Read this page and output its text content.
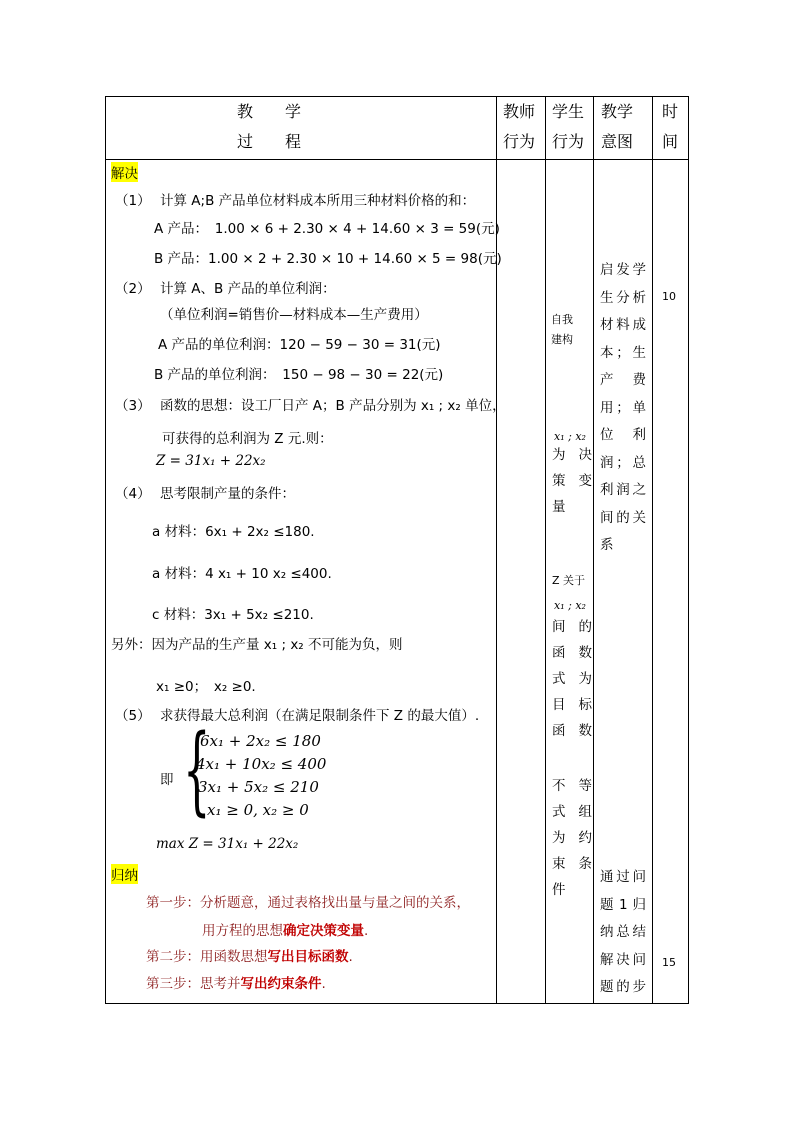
教　　学
过　　程
教师
行为
学生
行为
教学
意图
时
间
解决
（1） 计算 A;B 产品单位材料成本所用三种材料价格的和：
A 产品：　1.00 × 6 + 2.30 × 4 + 14.60 × 3 = 59(元)
B 产品：1.00 × 2 + 2.30 × 10 + 14.60 × 5 = 98(元)
（2） 计算 A、B 产品的单位利润：
（单位利润=销售价—材料成本—生产费用）
A 产品的单位利润：120 − 59 − 30 = 31(元)
B 产品的单位利润：　150 − 98 − 30 = 22(元)
（3） 函数的思想：设工厂日产 A；B 产品分别为 x₁ ; x₂ 单位，
可获得的总利润为 Z 元.则：
Z = 31x₁ + 22x₂
（4） 思考限制产量的条件：
a 材料：6x₁ + 2x₂ ≤180.
a 材料：4 x₁ + 10 x₂ ≤400.
c 材料：3x₁ + 5x₂ ≤210.
另外：因为产品的生产量 x₁ ; x₂ 不可能为负，则
x₁ ≥0；　x₂ ≥0.
（5） 求获得最大总利润（在满足限制条件下 Z 的最大值）.
即 {
6x₁ + 2x₂ ≤ 180
4x₁ + 10x₂ ≤ 400
3x₁ + 5x₂ ≤ 210
x₁ ≥ 0, x₂ ≥ 0
max Z = 31x₁ + 22x₂
归纳
第一步：分析题意，通过表格找出量与量之间的关系，
用方程的思想确定决策变量.
第二步：用函数思想写出目标函数.
第三步：思考并写出约束条件.
自我建构
x₁ ; x₂
为决策变量
Z 关于
x₁ ; x₂
间的函数式为目标函数
不等式组为约束条件
启发学生分析材料成本；生产费用；单位利润；总利润之间的关系
通过问题 1 归纳总结解决问题的步
10
15
